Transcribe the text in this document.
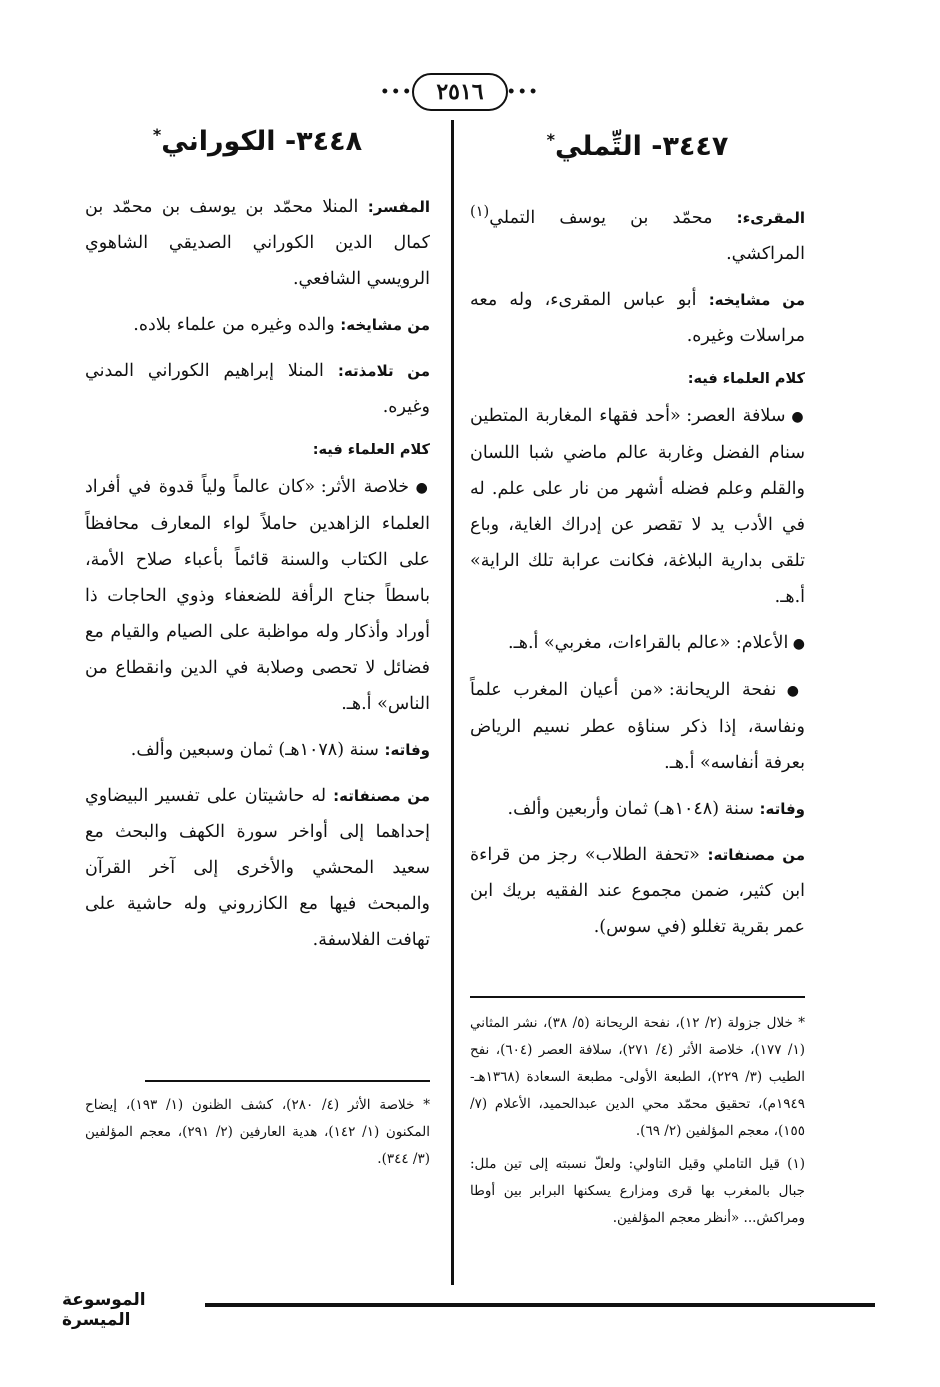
••• ٢٥١٦ •••
٣٤٤٧- التِّملي*

المقرىء: محمّد بن يوسف التملي$^{(١)}$ المراكشي.

من مشايخه: أبو عباس المقرىء، وله معه مراسلات وغيره.

كلام العلماء فيه:

● سلافة العصر: «أحد فقهاء المغاربة المتطين سنام الفضل وغاربة عالم ماضي شبا اللسان والقلم وعلم فضله أشهر من نار على علم. له في الأدب يد لا تقصر عن إدراك الغاية، وباع تلقى بدارية البلاغة، فكانت عرابة تلك الراية» أ.هـ.

● الأعلام: «عالم بالقراءات، مغربي» أ.هـ.

● نفحة الريحانة: «من أعيان المغرب علماً ونفاسة، إذا ذكر سناؤه عطر نسيم الرياض بعرفة أنفاسه» أ.هـ.

وفاته: سنة (١٠٤٨هـ) ثمان وأربعين وألف.

من مصنفاته: «تحفة الطلاب» رجز من قراءة ابن كثير، ضمن مجموع عند الفقيه بريك ابن عمر بقرية تغللو (في سوس).

* خلال جزولة (٢/ ١٢)، نفحة الريحانة (٥/ ٣٨)، نشر المثاني (١/ ١٧٧)، خلاصة الأثر (٤/ ٢٧١)، سلافة العصر (٦٠٤)، نفح الطيب (٣/ ٢٢٩)، الطبعة الأولى- مطبعة السعادة (١٣٦٨هـ- ١٩٤٩م)، تحقيق محمّد محي الدين عبدالحميد، الأعلام (٧/ ١٥٥)، معجم المؤلفين (٢/ ٦٩).

(١) قيل التاملي وقيل التاولي: ولعلّ نسبته إلى تين ملل: جبال بالمغرب بها قرى ومزارع يسكنها البرابر بين أوطا ومراكش... «أنظر معجم المؤلفين.

٣٤٤٨- الكوراني*

المفسر: المنلا محمّد بن يوسف بن محمّد بن كمال الدين الكوراني الصديقي الشاهوي الرويسي الشافعي.

من مشايخه: والده وغيره من علماء بلاده.

من تلامذته: المنلا إبراهيم الكوراني المدني وغيره.

كلام العلماء فيه:

● خلاصة الأثر: «كان عالماً ولياً قدوة في أفراد العلماء الزاهدين حاملاً لواء المعارف محافظاً على الكتاب والسنة قائماً بأعباء صلاح الأمة، باسطاً جناح الرأفة للضعفاء وذوي الحاجات ذا أوراد وأذكار وله مواظبة على الصيام والقيام مع فضائل لا تحصى وصلابة في الدين وانقطاع من الناس» أ.هـ.

وفاته: سنة (١٠٧٨هـ) ثمان وسبعين وألف.

من مصنفاته: له حاشيتان على تفسير البيضاوي إحداهما إلى أواخر سورة الكهف والبحث مع سعيد المحشي والأخرى إلى آخر القرآن والمبحث فيها مع الكازروني وله حاشية على تهافت الفلاسفة.

* خلاصة الأثر (٤/ ٢٨٠)، كشف الظنون (١/ ١٩٣)، إيضاح المكنون (١/ ١٤٢)، هدية العارفين (٢/ ٢٩١)، معجم المؤلفين (٣/ ٣٤٤).

الموسوعة الميسرة
